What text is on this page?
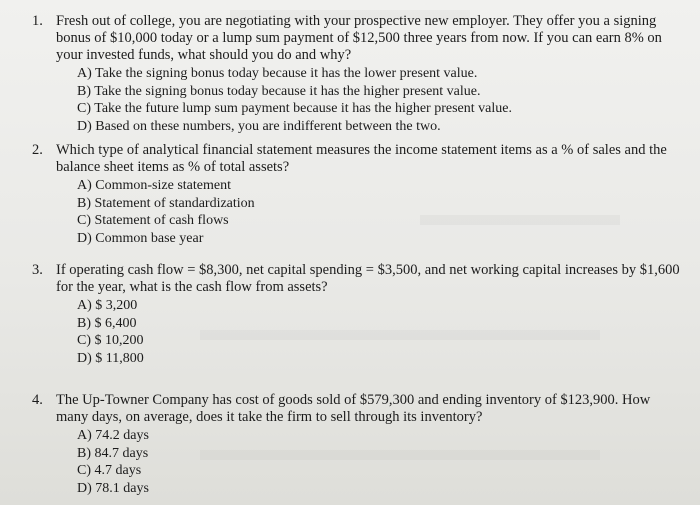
1. Fresh out of college, you are negotiating with your prospective new employer. They offer you a signing bonus of $10,000 today or a lump sum payment of $12,500 three years from now. If you can earn 8% on your invested funds, what should you do and why?
A) Take the signing bonus today because it has the lower present value.
B) Take the signing bonus today because it has the higher present value.
C) Take the future lump sum payment because it has the higher present value.
D) Based on these numbers, you are indifferent between the two.
2. Which type of analytical financial statement measures the income statement items as a % of sales and the balance sheet items as % of total assets?
A) Common-size statement
B) Statement of standardization
C) Statement of cash flows
D) Common base year
3. If operating cash flow = $8,300, net capital spending = $3,500, and net working capital increases by $1,600 for the year, what is the cash flow from assets?
A) $ 3,200
B) $ 6,400
C) $ 10,200
D) $ 11,800
4. The Up-Towner Company has cost of goods sold of $579,300 and ending inventory of $123,900. How many days, on average, does it take the firm to sell through its inventory?
A) 74.2 days
B) 84.7 days
C) 4.7 days
D) 78.1 days
